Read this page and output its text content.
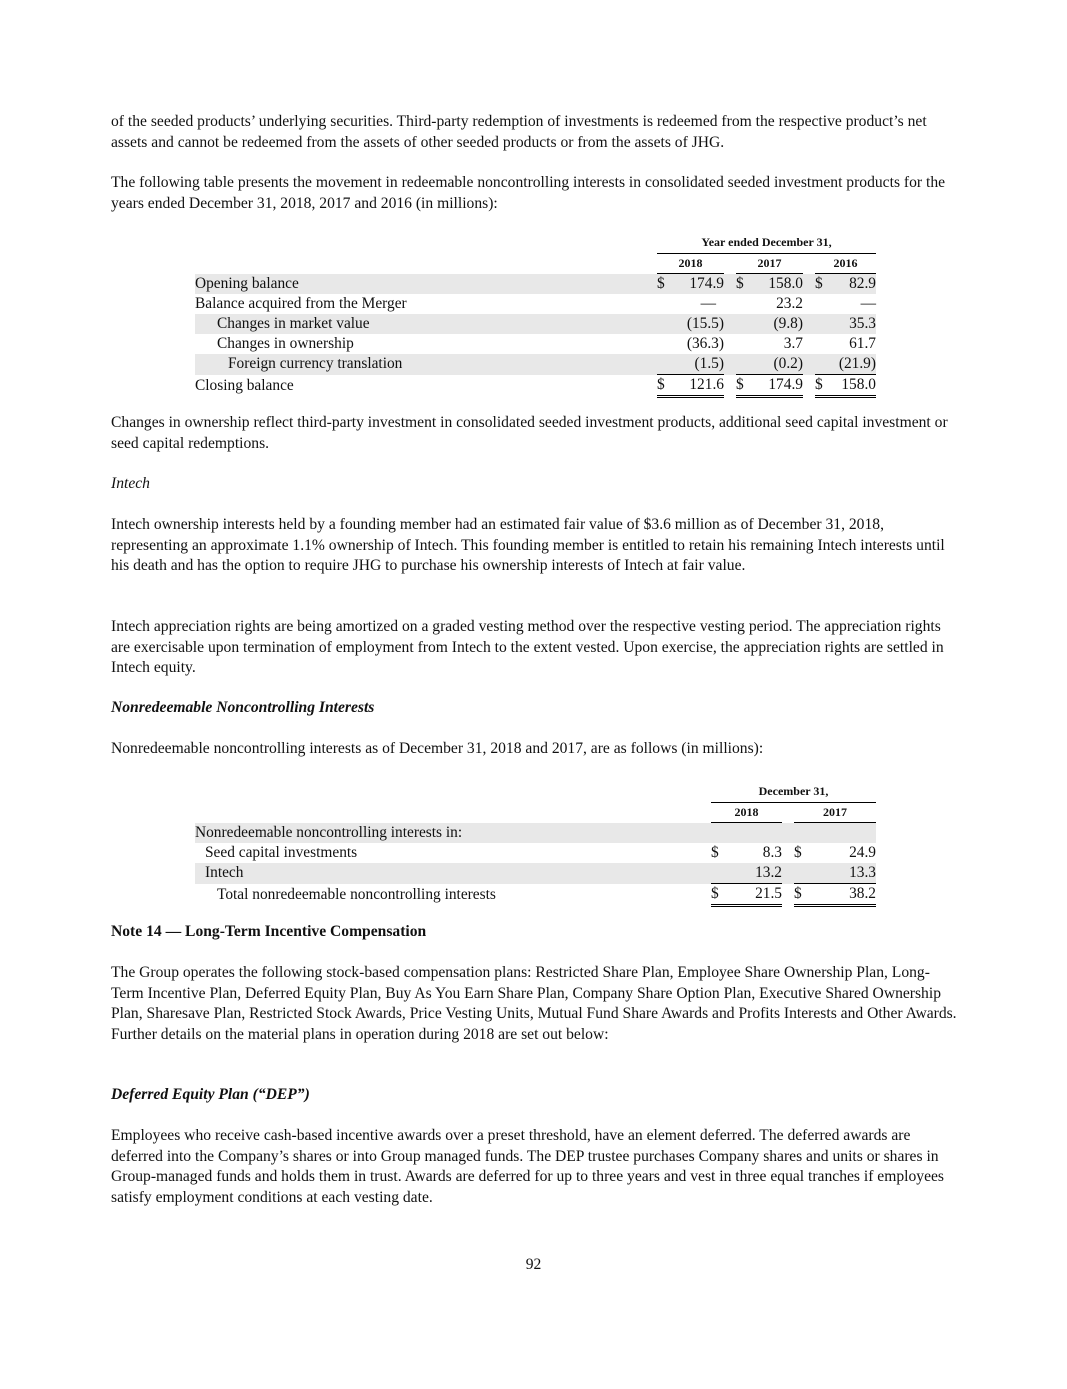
of the seeded products’ underlying securities. Third-party redemption of investments is redeemed from the respective product’s net assets and cannot be redeemed from the assets of other seeded products or from the assets of JHG.

The following table presents the movement in redeemable noncontrolling interests in consolidated seeded investment products for the years ended December 31, 2018, 2017 and 2016 (in millions):

		Year ended December 31,							
		2018			2017			2016	
Opening balance		$	174.9		$	158.0		$	82.9
Balance acquired from the Merger			—			23.2			—
Changes in market value			(15.5)			(9.8)			35.3
Changes in ownership			(36.3)			3.7			61.7
Foreign currency translation			(1.5)			(0.2)			(21.9)
Closing balance		$	121.6		$	174.9		$	158.0

Changes in ownership reflect third-party investment in consolidated seeded investment products, additional seed capital investment or seed capital redemptions.

Intech

Intech ownership interests held by a founding member had an estimated fair value of $3.6 million as of December 31, 2018, representing an approximate 1.1% ownership of Intech. This founding member is entitled to retain his remaining Intech interests until his death and has the option to require JHG to purchase his ownership interests of Intech at fair value.

Intech appreciation rights are being amortized on a graded vesting method over the respective vesting period. The appreciation rights are exercisable upon termination of employment from Intech to the extent vested. Upon exercise, the appreciation rights are settled in Intech equity.

Nonredeemable Noncontrolling Interests

Nonredeemable noncontrolling interests as of December 31, 2018 and 2017, are as follows (in millions):

		December 31,				
		2018			2017	
Nonredeemable noncontrolling interests in:						
Seed capital investments		$	8.3		$	24.9
Intech			13.2			13.3
Total nonredeemable noncontrolling interests		$	21.5		$	38.2

Note 14 — Long-Term Incentive Compensation

The Group operates the following stock-based compensation plans: Restricted Share Plan, Employee Share Ownership Plan, Long-Term Incentive Plan, Deferred Equity Plan, Buy As You Earn Share Plan, Company Share Option Plan, Executive Shared Ownership Plan, Sharesave Plan, Restricted Stock Awards, Price Vesting Units, Mutual Fund Share Awards and Profits Interests and Other Awards. Further details on the material plans in operation during 2018 are set out below:

Deferred Equity Plan (“DEP”)

Employees who receive cash-based incentive awards over a preset threshold, have an element deferred. The deferred awards are deferred into the Company’s shares or into Group managed funds. The DEP trustee purchases Company shares and units or shares in Group-managed funds and holds them in trust. Awards are deferred for up to three years and vest in three equal tranches if employees satisfy employment conditions at each vesting date.

92
